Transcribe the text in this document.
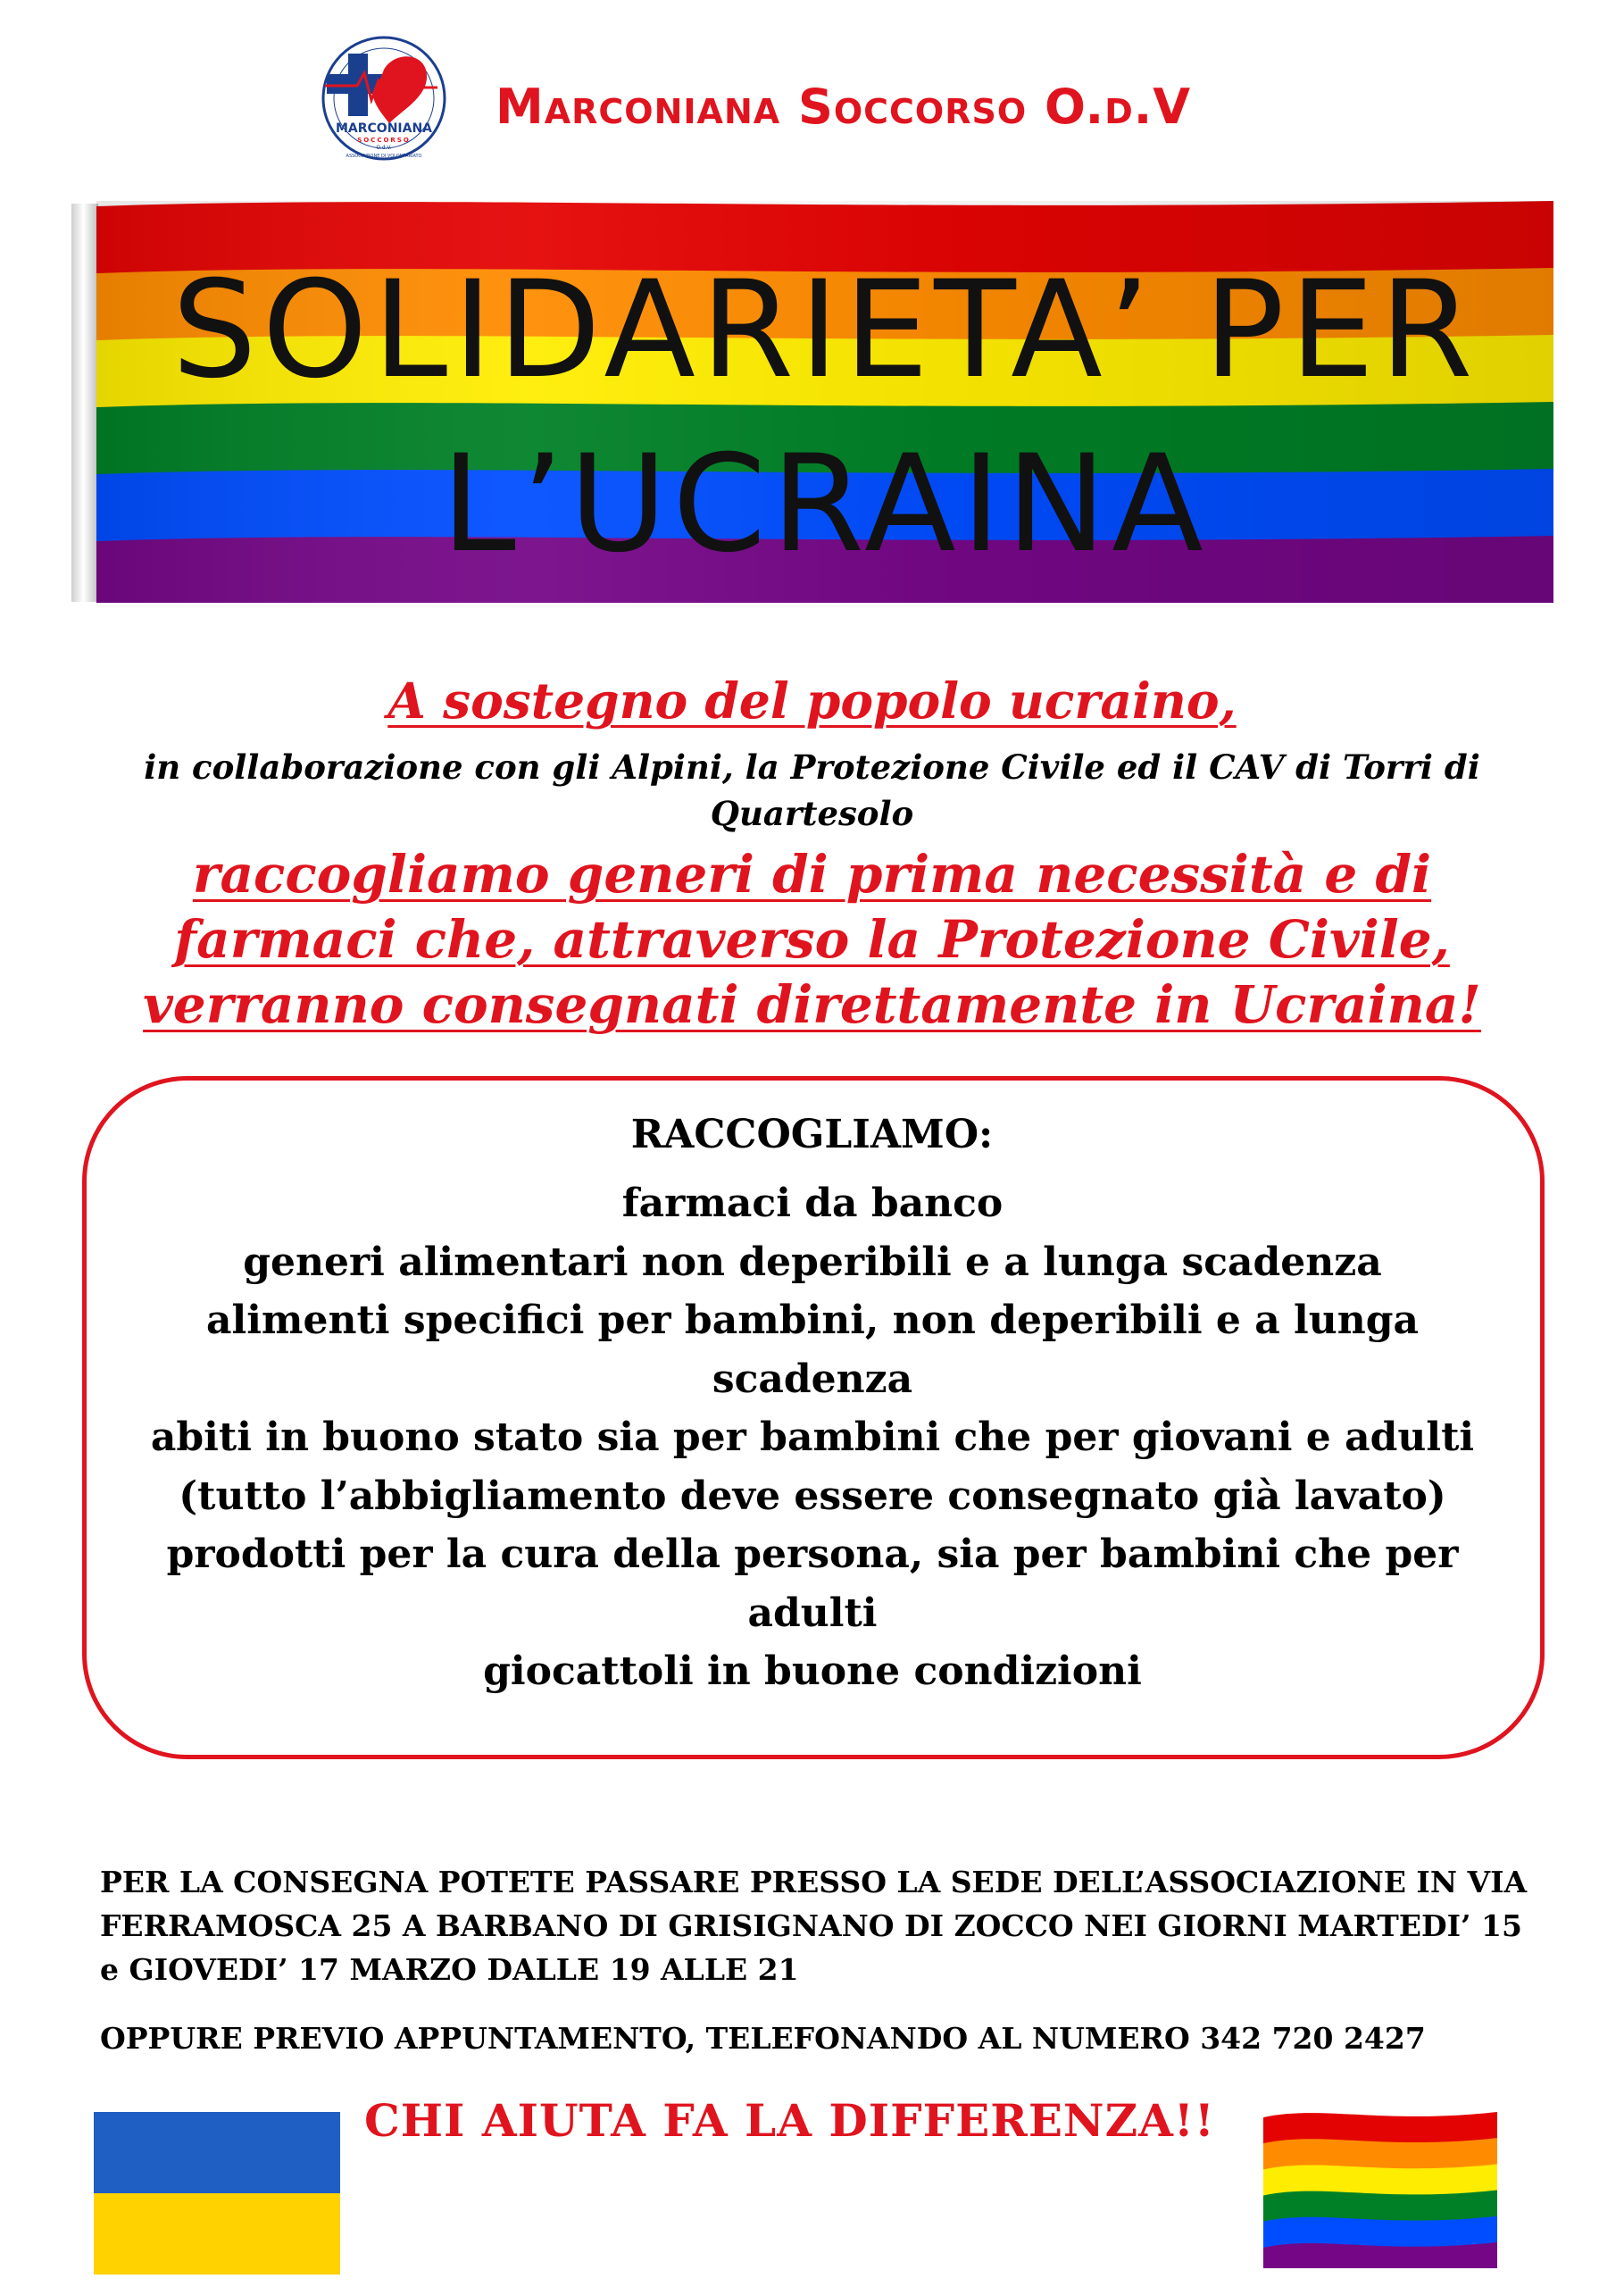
MARCONIANA
SOCCORSO
O.d.V.
ASSOCIAZIONE DI VOLONTARIATO
Marconiana Soccorso O.d.V
SOLIDARIETA’ PER
L’UCRAINA

A sostegno del popolo ucraino,

in collaborazione con gli Alpini, la Protezione Civile ed il CAV di Torri di Quartesolo

raccogliamo generi di prima necessità e di farmaci che, attraverso la Protezione Civile, verranno consegnati direttamente in Ucraina!

RACCOGLIAMO:

farmaci da banco
generi alimentari non deperibili e a lunga scadenza
alimenti specifici per bambini, non deperibili e a lunga scadenza
abiti in buono stato sia per bambini che per giovani e adulti
(tutto l’abbigliamento deve essere consegnato già lavato)
prodotti per la cura della persona, sia per bambini che per adulti
giocattoli in buone condizioni

PER LA CONSEGNA POTETE PASSARE PRESSO LA SEDE DELL’ASSOCIAZIONE IN VIA FERRAMOSCA 25 A BARBANO DI GRISIGNANO DI ZOCCO NEI GIORNI MARTEDI’ 15 e GIOVEDI’ 17 MARZO DALLE 19 ALLE 21

OPPURE PREVIO APPUNTAMENTO, TELEFONANDO AL NUMERO 342 720 2427

CHI AIUTA FA LA DIFFERENZA!!
